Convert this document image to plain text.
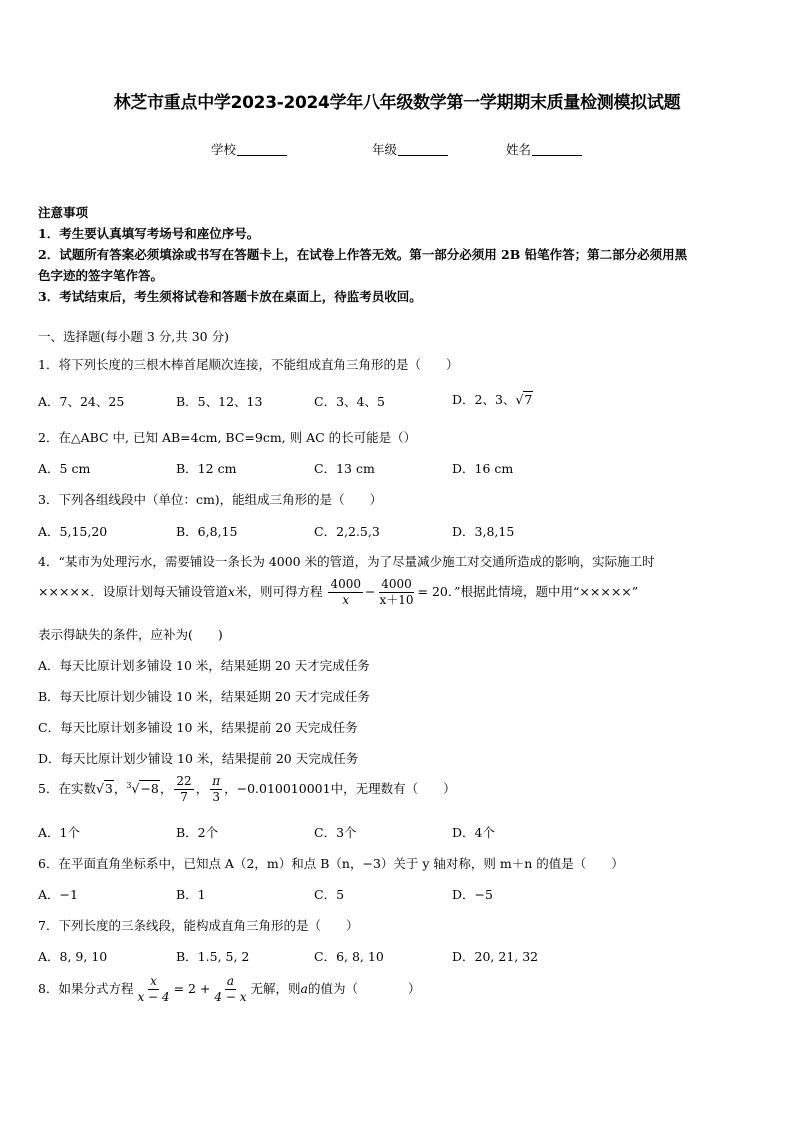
林芝市重点中学2023-2024学年八年级数学第一学期期末质量检测模拟试题
学校	年级	姓名
注意事项
1．考生要认真填写考场号和座位序号。
2．试题所有答案必须填涂或书写在答题卡上，在试卷上作答无效。第一部分必须用 2B 铅笔作答；第二部分必须用黑
色字迹的签字笔作答。
3．考试结束后，考生须将试卷和答题卡放在桌面上，待监考员收回。
一、选择题(每小题 3 分,共 30 分)
1．将下列长度的三根木棒首尾顺次连接，不能组成直角三角形的是（　　）
A．7、24、25	B．5、12、13	C．3、4、5	D．2、3、√7
2．在△ABC 中, 已知 AB=4cm, BC=9cm, 则 AC 的长可能是（）
A．5 cm	B．12 cm	C．13 cm	D．16 cm
3．下列各组线段中（单位：cm)，能组成三角形的是（　　）
A．5,15,20	B．6,8,15	C．2,2.5,3	D．3,8,15
4．“某市为处理污水，需要铺设一条长为 4000 米的管道，为了尽量减少施工对交通所造成的影响，实际施工时
×××××．设原计划每天铺设管道x米，则可得方程 $\frac{4000}{x} - \frac{4000}{x+10} = 20$．”根据此情境，题中用“×××××”
表示得缺失的条件，应补为(　　)
A．每天比原计划多铺设 10 米，结果延期 20 天才完成任务
B．每天比原计划少铺设 10 米，结果延期 20 天才完成任务
C．每天比原计划多铺设 10 米，结果提前 20 天完成任务
D．每天比原计划少铺设 10 米，结果提前 20 天完成任务
5．在实数√3，$^3$√−8， $\frac{22}{7}$ ， $\frac{\pi}{3}$ ，−0.010010001中，无理数有（　　）
A．1个	B．2个	C．3个	D．4个
6．在平面直角坐标系中，已知点 A（2，m）和点 B（n，−3）关于 y 轴对称，则 m＋n 的值是（　　）
A．−1	B．1	C．5	D．−5
7．下列长度的三条线段，能构成直角三角形的是（　　）
A．8, 9, 10	B．1.5, 5, 2	C．6, 8, 10	D．20, 21, 32
8．如果分式方程 $\frac{x}{x - 4} = 2 + \frac{a}{4 - x}$ 无解，则a的值为（　　　　）
